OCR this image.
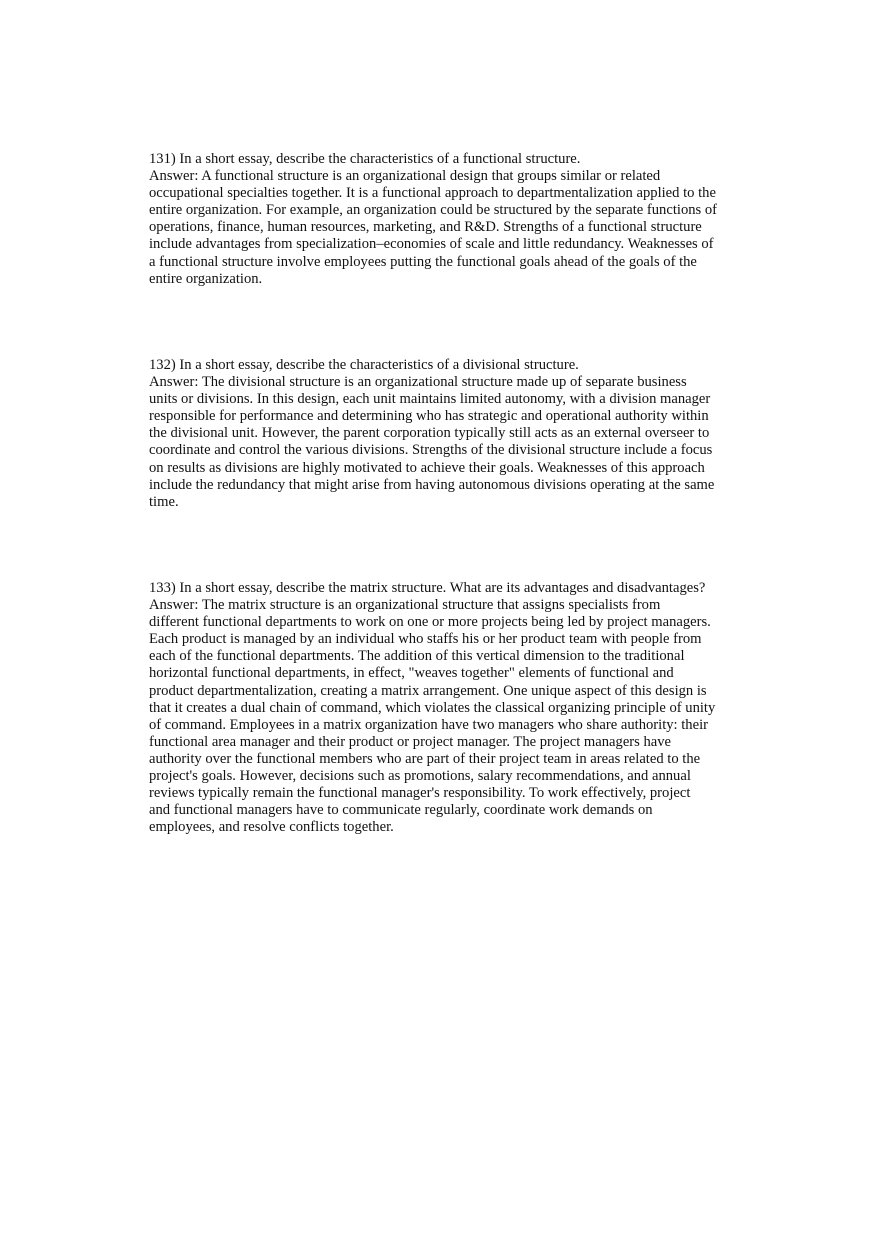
131) In a short essay, describe the characteristics of a functional structure.

Answer: A functional structure is an organizational design that groups similar or related

occupational specialties together. It is a functional approach to departmentalization applied to the

entire organization. For example, an organization could be structured by the separate functions of

operations, finance, human resources, marketing, and R&D. Strengths of a functional structure

include advantages from specialization–economies of scale and little redundancy. Weaknesses of

a functional structure involve employees putting the functional goals ahead of the goals of the

entire organization.

132) In a short essay, describe the characteristics of a divisional structure.

Answer: The divisional structure is an organizational structure made up of separate business

units or divisions. In this design, each unit maintains limited autonomy, with a division manager

responsible for performance and determining who has strategic and operational authority within

the divisional unit. However, the parent corporation typically still acts as an external overseer to

coordinate and control the various divisions. Strengths of the divisional structure include a focus

on results as divisions are highly motivated to achieve their goals. Weaknesses of this approach

include the redundancy that might arise from having autonomous divisions operating at the same

time.

133) In a short essay, describe the matrix structure. What are its advantages and disadvantages?

Answer: The matrix structure is an organizational structure that assigns specialists from

different functional departments to work on one or more projects being led by project managers.

Each product is managed by an individual who staffs his or her product team with people from

each of the functional departments. The addition of this vertical dimension to the traditional

horizontal functional departments, in effect, "weaves together" elements of functional and

product departmentalization, creating a matrix arrangement. One unique aspect of this design is

that it creates a dual chain of command, which violates the classical organizing principle of unity

of command. Employees in a matrix organization have two managers who share authority: their

functional area manager and their product or project manager. The project managers have

authority over the functional members who are part of their project team in areas related to the

project's goals. However, decisions such as promotions, salary recommendations, and annual

reviews typically remain the functional manager's responsibility. To work effectively, project

and functional managers have to communicate regularly, coordinate work demands on

employees, and resolve conflicts together.
